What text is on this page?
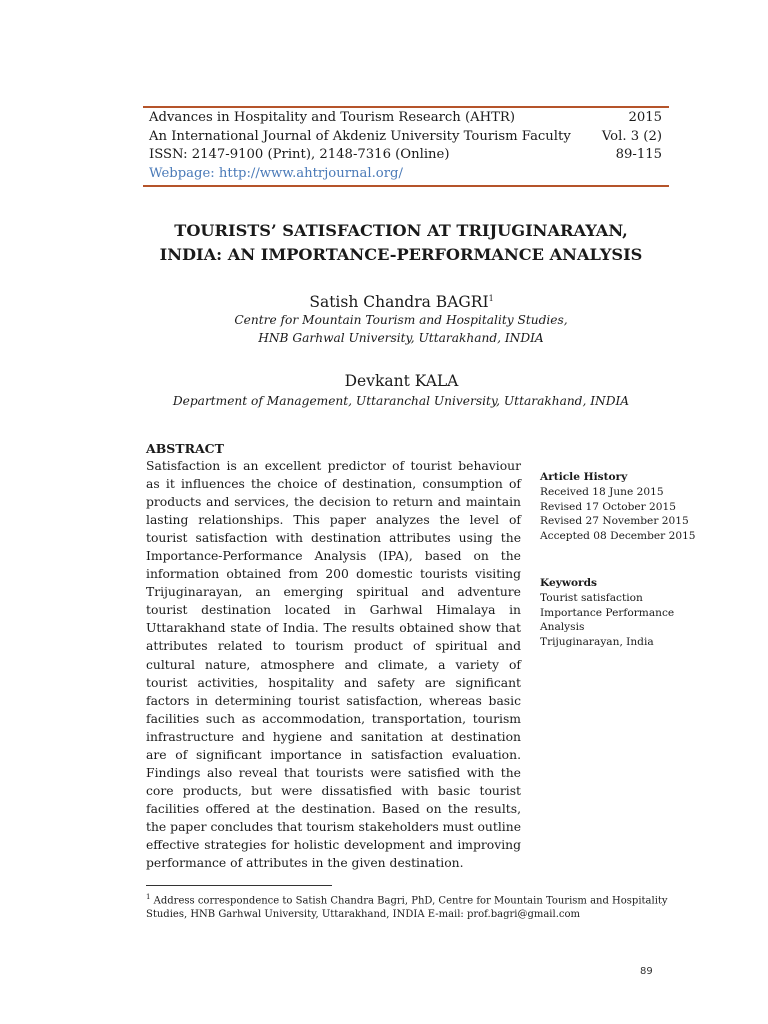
Advances in Hospitality and Tourism Research (AHTR)
An International Journal of Akdeniz University Tourism Faculty
ISSN: 2147-9100 (Print), 2148-7316 (Online)
Webpage: http://www.ahtrjournal.org/
2015
Vol. 3 (2)
89-115
TOURISTS’ SATISFACTION AT TRIJUGINARAYAN,
INDIA: AN IMPORTANCE-PERFORMANCE ANALYSIS
Satish Chandra BAGRI$^1$
Centre for Mountain Tourism and Hospitality Studies,
HNB Garhwal University, Uttarakhand, INDIA
Devkant KALA
Department of Management, Uttaranchal University, Uttarakhand, INDIA
ABSTRACT
Satisfaction is an excellent predictor of tourist behaviour as it influences the choice of destination, consumption of products and services, the decision to return and maintain lasting relationships. This paper analyzes the level of tourist satisfaction with destination attributes using the Importance-Performance Analysis (IPA), based on the information obtained from 200 domestic tourists visiting Trijuginarayan, an emerging spiritual and adventure tourist destination located in Garhwal Himalaya in Uttarakhand state of India. The results obtained show that attributes related to tourism product of spiritual and cultural nature, atmosphere and climate, a variety of tourist activities, hospitality and safety are significant factors in determining tourist satisfaction, whereas basic facilities such as accommodation, transportation, tourism infrastructure and hygiene and sanitation at destination are of significant importance in satisfaction evaluation. Findings also reveal that tourists were satisfied with the core products, but were dissatisfied with basic tourist facilities offered at the destination. Based on the results, the paper concludes that tourism stakeholders must outline effective strategies for holistic development and improving performance of attributes in the given destination.
Article History
Received 18 June 2015
Revised 17 October 2015
Revised 27 November 2015
Accepted 08 December 2015
Keywords
Tourist satisfaction
Importance Performance
Analysis
Trijuginarayan, India
$^1$ Address correspondence to Satish Chandra Bagri, PhD, Centre for Mountain Tourism and Hospitality Studies, HNB Garhwal University, Uttarakhand, INDIA E-mail: prof.bagri@gmail.com
89
